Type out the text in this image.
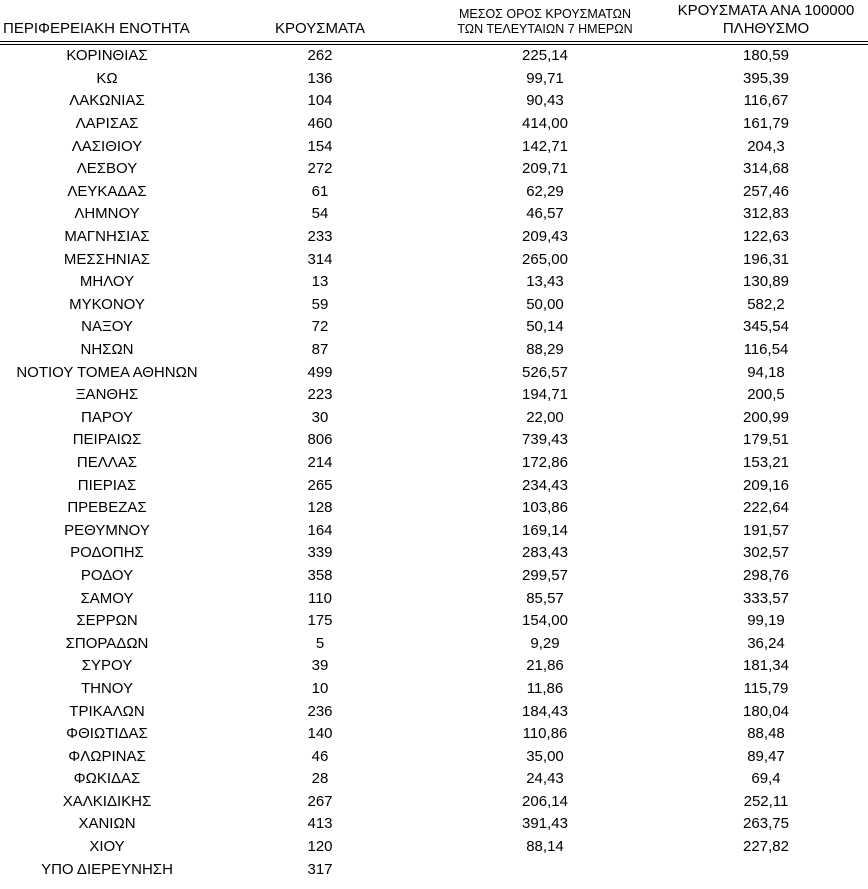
ΠΕΡΙΦΕΡΕΙΑΚΗ ΕΝΟΤΗΤΑ	ΚΡΟΥΣΜΑΤΑ	ΜΕΣΟΣ ΟΡΟΣ ΚΡΟΥΣΜΑΤΩΝ
ΤΩΝ ΤΕΛΕΥΤΑΙΩΝ 7 ΗΜΕΡΩΝ	ΚΡΟΥΣΜΑΤΑ ΑΝΑ 100000
ΠΛΗΘΥΣΜΟ

ΚΟΡΙΝΘΙΑΣ	262	225,14	180,59
ΚΩ	136	99,71	395,39
ΛΑΚΩΝΙΑΣ	104	90,43	116,67
ΛΑΡΙΣΑΣ	460	414,00	161,79
ΛΑΣΙΘΙΟΥ	154	142,71	204,3
ΛΕΣΒΟΥ	272	209,71	314,68
ΛΕΥΚΑΔΑΣ	61	62,29	257,46
ΛΗΜΝΟΥ	54	46,57	312,83
ΜΑΓΝΗΣΙΑΣ	233	209,43	122,63
ΜΕΣΣΗΝΙΑΣ	314	265,00	196,31
ΜΗΛΟΥ	13	13,43	130,89
ΜΥΚΟΝΟΥ	59	50,00	582,2
ΝΑΞΟΥ	72	50,14	345,54
ΝΗΣΩΝ	87	88,29	116,54
ΝΟΤΙΟΥ ΤΟΜΕΑ ΑΘΗΝΩΝ	499	526,57	94,18
ΞΑΝΘΗΣ	223	194,71	200,5
ΠΑΡΟΥ	30	22,00	200,99
ΠΕΙΡΑΙΩΣ	806	739,43	179,51
ΠΕΛΛΑΣ	214	172,86	153,21
ΠΙΕΡΙΑΣ	265	234,43	209,16
ΠΡΕΒΕΖΑΣ	128	103,86	222,64
ΡΕΘΥΜΝΟΥ	164	169,14	191,57
ΡΟΔΟΠΗΣ	339	283,43	302,57
ΡΟΔΟΥ	358	299,57	298,76
ΣΑΜΟΥ	110	85,57	333,57
ΣΕΡΡΩΝ	175	154,00	99,19
ΣΠΟΡΑΔΩΝ	5	9,29	36,24
ΣΥΡΟΥ	39	21,86	181,34
ΤΗΝΟΥ	10	11,86	115,79
ΤΡΙΚΑΛΩΝ	236	184,43	180,04
ΦΘΙΩΤΙΔΑΣ	140	110,86	88,48
ΦΛΩΡΙΝΑΣ	46	35,00	89,47
ΦΩΚΙΔΑΣ	28	24,43	69,4
ΧΑΛΚΙΔΙΚΗΣ	267	206,14	252,11
ΧΑΝΙΩΝ	413	391,43	263,75
ΧΙΟΥ	120	88,14	227,82
ΥΠΟ ΔΙΕΡΕΥΝΗΣΗ	317		
